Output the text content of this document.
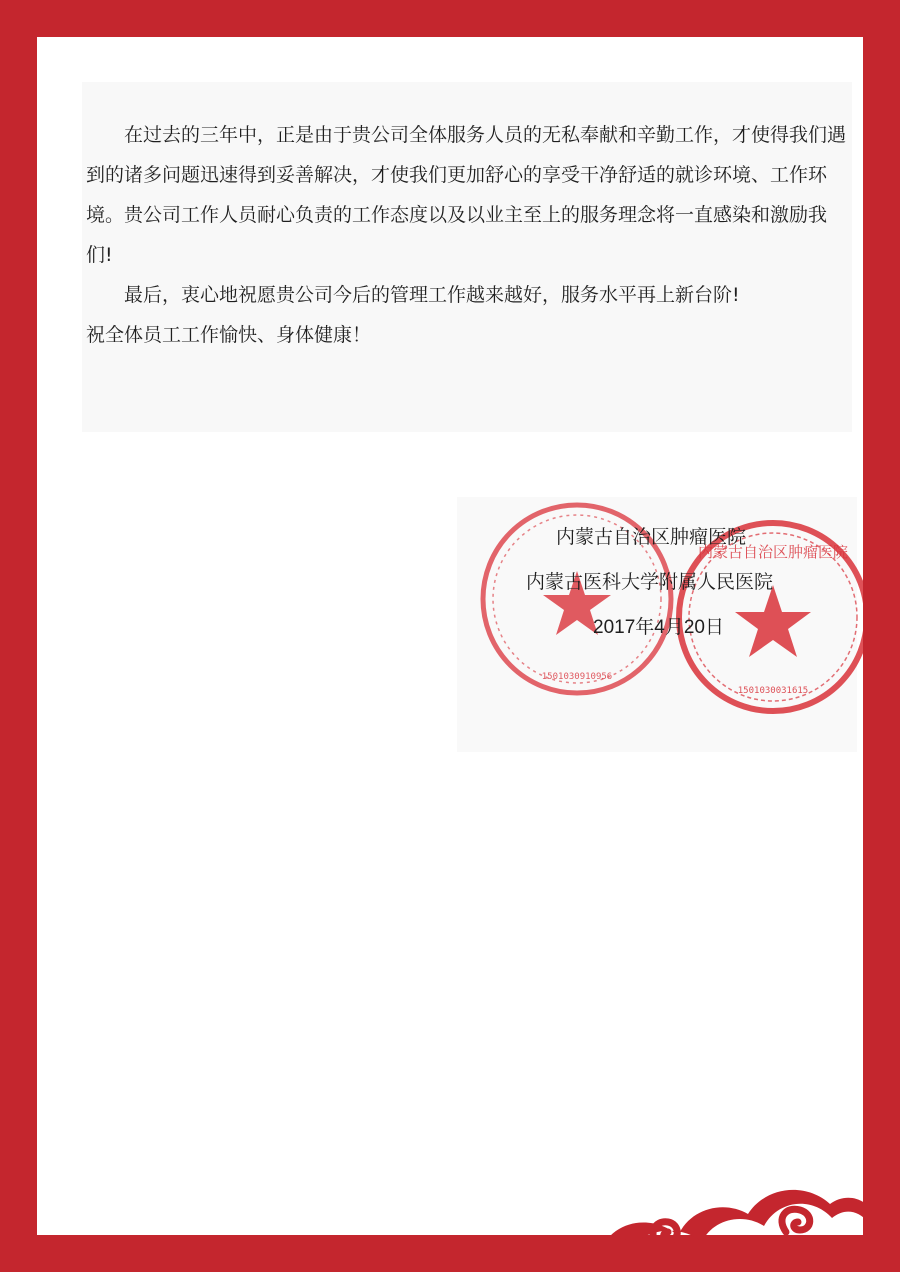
在过去的三年中，正是由于贵公司全体服务人员的无私奉献和辛勤工作，才使得我们遇到的诸多问题迅速得到妥善解决，才使我们更加舒心的享受干净舒适的就诊环境、工作环境。贵公司工作人员耐心负责的工作态度以及以业主至上的服务理念将一直感染和激励我们!

最后，衷心地祝愿贵公司今后的管理工作越来越好，服务水平再上新台阶!

祝全体员工工作愉快、身体健康！

1501030910956
内蒙古自治区肿瘤医院
1501030031615
内蒙古自治区肿瘤医院
内蒙古医科大学附属人民医院
2017年4月20日
